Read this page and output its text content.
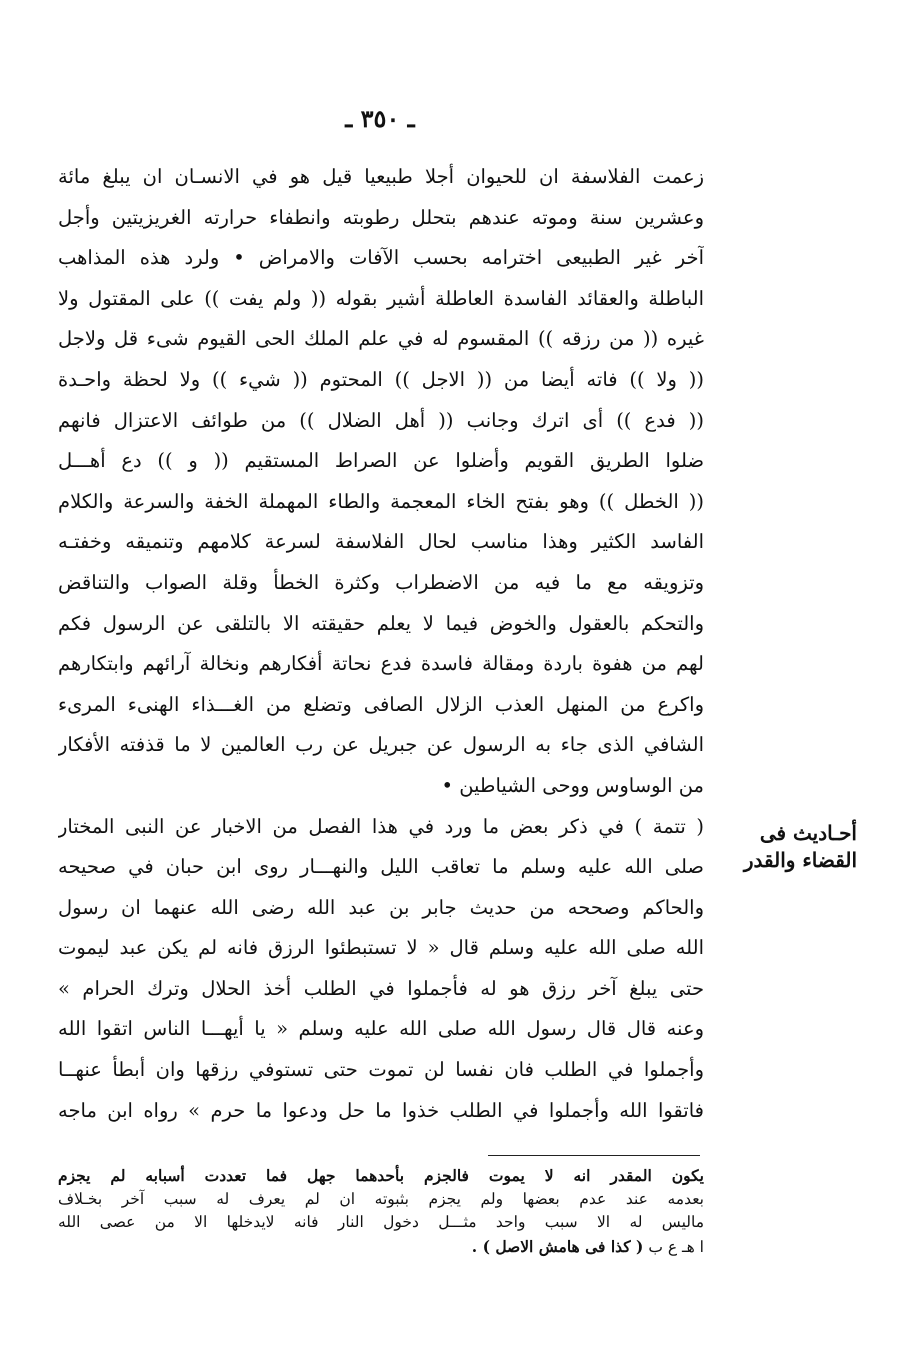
ـ ٣٥٠ ـ
زعمت الفلاسفة ان للحيوان أجلا طبيعيا قيل هو في الانسـان ان يبلغ مائة
وعشرين سنة وموته عندهم بتحلل رطوبته وانطفاء حرارته الغريزيتين وأجل
آخر غير الطبيعى اخترامه بحسب الآفات والامراض • ولرد هذه المذاهب
الباطلة والعقائد الفاسدة العاطلة أشير بقوله (( ولم يفت )) على المقتول ولا
غيره (( من رزقه )) المقسوم له في علم الملك الحى القيوم شىء قل ولاجل
(( ولا )) فاته أيضا من (( الاجل )) المحتوم (( شيء )) ولا لحظة واحـدة
(( فدع )) أى اترك وجانب (( أهل الضلال )) من طوائف الاعتزال فانهم
ضلوا الطريق القويم وأضلوا عن الصراط المستقيم (( و )) دع أهـــل
(( الخطل )) وهو بفتح الخاء المعجمة والطاء المهملة الخفة والسرعة والكلام
الفاسد الكثير وهذا مناسب لحال الفلاسفة لسرعة كلامهم وتنميقه وخفتـه
وتزويقه مع ما فيه من الاضطراب وكثرة الخطأ وقلة الصواب والتناقض
والتحكم بالعقول والخوض فيما لا يعلم حقيقته الا بالتلقى عن الرسول فكم
لهم من هفوة باردة ومقالة فاسدة فدع نحاتة أفكارهم ونخالة آرائهم وابتكارهم
واكرع من المنهل العذب الزلال الصافى وتضلع من الغـــذاء الهنىء المرىء
الشافي الذى جاء به الرسول عن جبريل عن رب العالمين لا ما قذفته الأفكار
من الوساوس ووحى الشياطين •
( تتمة ) في ذكر بعض ما ورد في هذا الفصل من الاخبار عن النبى المختار
صلى الله عليه وسلم ما تعاقب الليل والنهـــار روى ابن حبان في صحيحه
والحاكم وصححه من حديث جابر بن عبد الله رضى الله عنهما ان رسول
الله صلى الله عليه وسلم قال « لا تستبطئوا الرزق فانه لم يكن عبد ليموت
حتى يبلغ آخر رزق هو له فأجملوا في الطلب أخذ الحلال وترك الحرام »
وعنه قال قال رسول الله صلى الله عليه وسلم « يا أيهـــا الناس اتقوا الله
وأجملوا في الطلب فان نفسا لن تموت حتى تستوفي رزقها وان أبطأ عنهــا
فاتقوا الله وأجملوا في الطلب خذوا ما حل ودعوا ما حرم » رواه ابن ماجه
أحـاديث فى
القضاء والقدر
يكون المقدر انه لا يموت فالجزم بأحدهما جهل فما تعددت أسبابه لم يجزم
بعدمه عند عدم بعضها ولم يجزم بثبوته ان لم يعرف له سبب آخر بخـلاف
ماليس له الا سبب واحد مثـــل دخول النار فانه لايدخلها الا من عصى الله
ا هـ ع ب ( كذا فى هامش الاصل ) .
